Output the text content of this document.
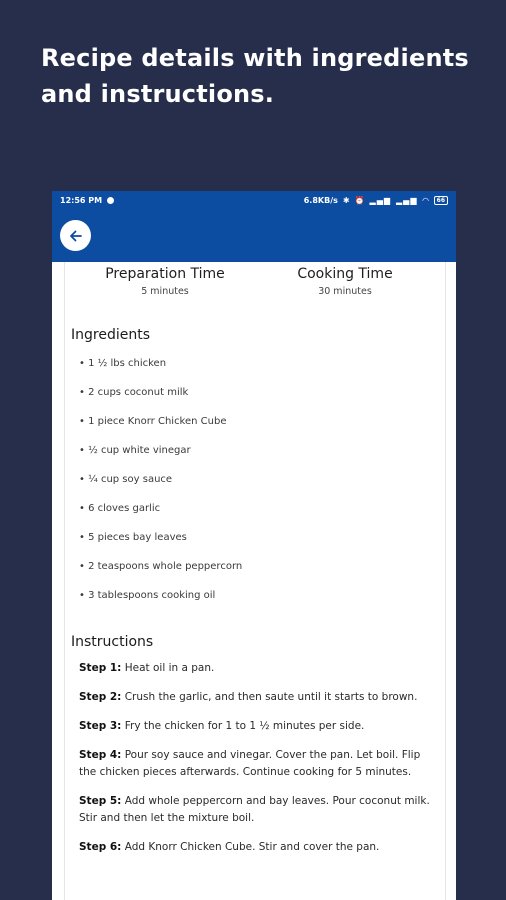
Recipe details with ingredients and instructions.
12:56 PM	6.8KB/s ✱ ⏰ ▂▄▆ ▂▄▆ ◠	66
Preparation Time
5 minutes
Cooking Time
30 minutes
Ingredients
• 1 ½ lbs chicken
• 2 cups coconut milk
• 1 piece Knorr Chicken Cube
• ½ cup white vinegar
• ¼ cup soy sauce
• 6 cloves garlic
• 5 pieces bay leaves
• 2 teaspoons whole peppercorn
• 3 tablespoons cooking oil
Instructions
Step 1: Heat oil in a pan.
Step 2: Crush the garlic, and then saute until it starts to brown.
Step 3: Fry the chicken for 1 to 1 ½ minutes per side.
Step 4: Pour soy sauce and vinegar. Cover the pan. Let boil. Flip the chicken pieces afterwards. Continue cooking for 5 minutes.
Step 5: Add whole peppercorn and bay leaves. Pour coconut milk. Stir and then let the mixture boil.
Step 6: Add Knorr Chicken Cube. Stir and cover the pan.
